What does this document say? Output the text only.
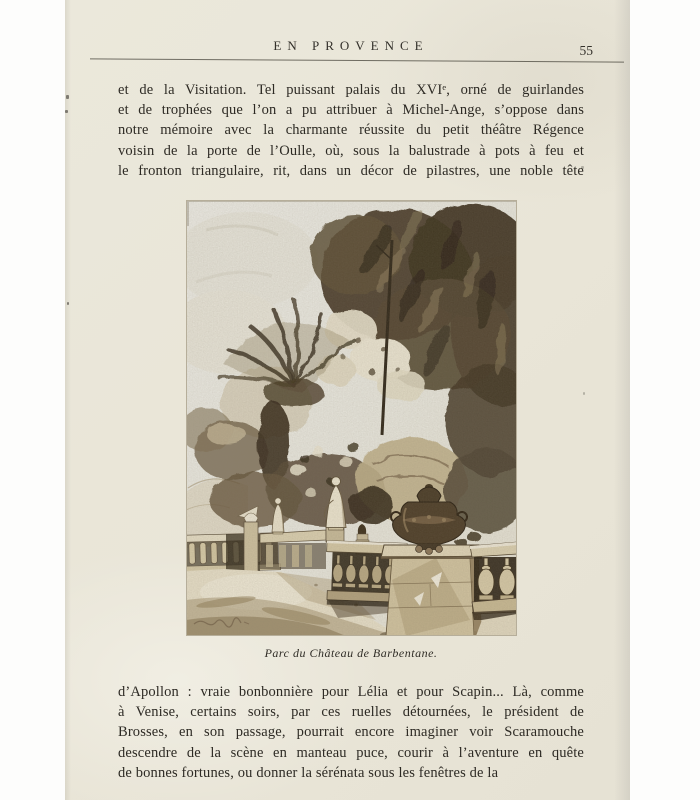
EN PROVENCE	55
et de la Visitation. Tel puissant palais du XVIᵉ, orné de guirlandes
et de trophées que l’on a pu attribuer à Michel-Ange, s’oppose dans
notre mémoire avec la charmante réussite du petit théâtre Régence
voisin de la porte de l’Oulle, où, sous la balustrade à pots à feu et
le fronton triangulaire, rit, dans un décor de pilastres, une noble tête
Parc du Château de Barbentane.
d’Apollon : vraie bonbonnière pour Lélia et pour Scapin... Là, comme
à Venise, certains soirs, par ces ruelles détournées, le président de
Brosses, en son passage, pourrait encore imaginer voir Scaramouche
descendre de la scène en manteau puce, courir à l’aventure en quête
de bonnes fortunes, ou donner la sérénata sous les fenêtres de la
